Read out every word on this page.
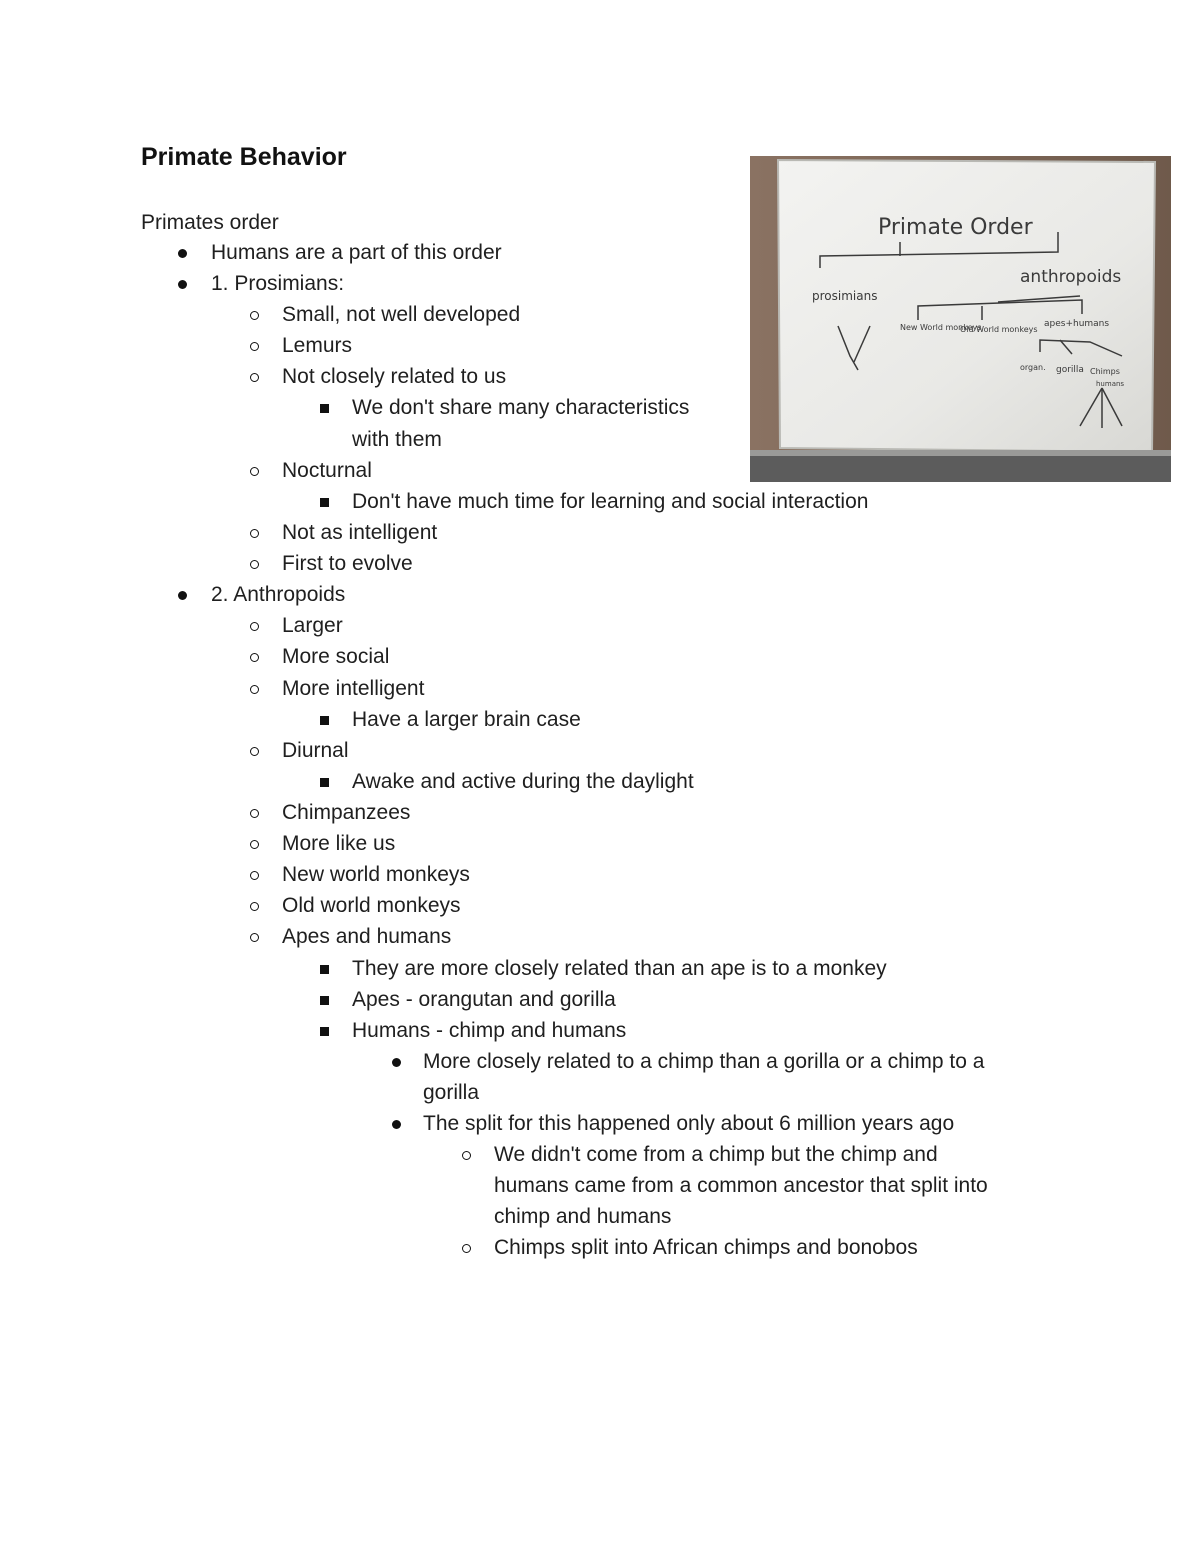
Primate Behavior

Primates order

Humans are a part of this order
1. Prosimians:
Small, not well developed
Lemurs
Not closely related to us
We don't share many characteristics
with them
Nocturnal
Don't have much time for learning and social interaction
Not as intelligent
First to evolve
2. Anthropoids
Larger
More social
More intelligent
Have a larger brain case
Diurnal
Awake and active during the daylight
Chimpanzees
More like us
New world monkeys
Old world monkeys
Apes and humans
They are more closely related than an ape is to a monkey
Apes - orangutan and gorilla
Humans - chimp and humans
More closely related to a chimp than a gorilla or a chimp to a
gorilla
The split for this happened only about 6 million years ago
We didn't come from a chimp but the chimp and
humans came from a common ancestor that split into
chimp and humans
Chimps split into African chimps and bonobos
Primate Order
prosimians
anthropoids
New World monkeys
Old World monkeys
apes+humans
organ. gorilla Chimps
humans
